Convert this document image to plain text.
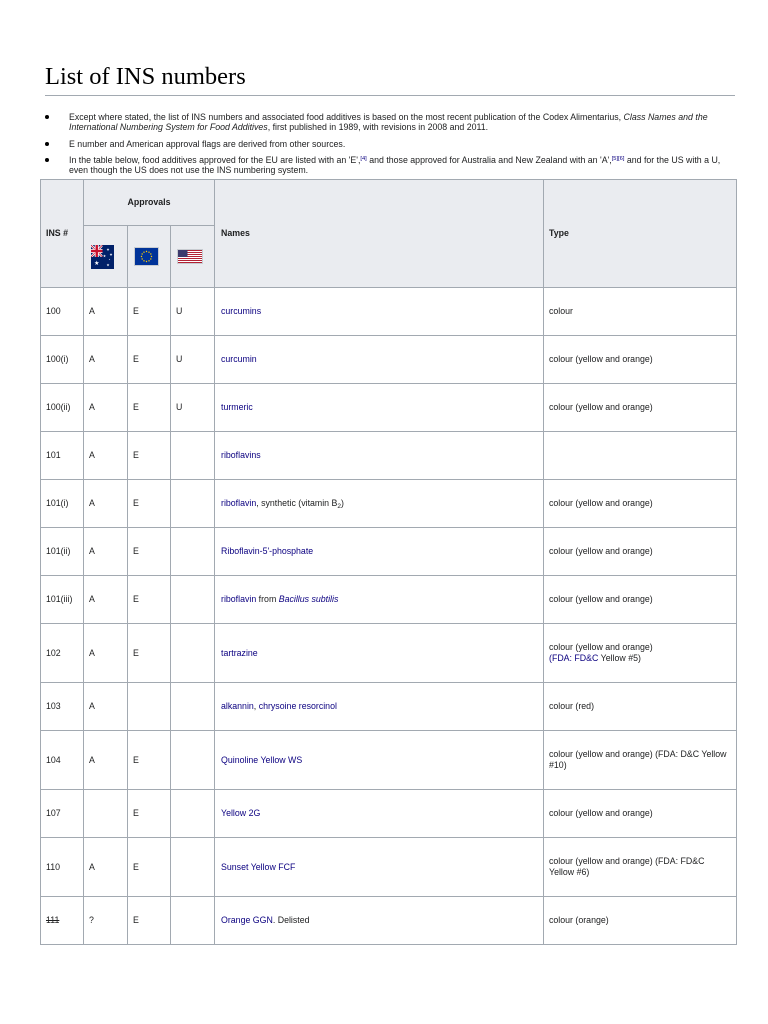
List of INS numbers
Except where stated, the list of INS numbers and associated food additives is based on the most recent publication of the Codex Alimentarius, Class Names and the International Numbering System for Food Additives, first published in 1989, with revisions in 2008 and 2011.
E number and American approval flags are derived from other sources.
In the table below, food additives approved for the EU are listed with an 'E',[4] and those approved for Australia and New Zealand with an 'A',[5][6] and for the US with a U, even though the US does not use the INS numbering system.
INS #	Approvals			Names	Type

100	A	E	U	curcumins	colour
100(i)	A	E	U	curcumin	colour (yellow and orange)
100(ii)	A	E	U	turmeric	colour (yellow and orange)
101	A	E		riboflavins	
101(i)	A	E		riboflavin, synthetic (vitamin $B_2$)	colour (yellow and orange)
101(ii)	A	E		Riboflavin-5'-phosphate	colour (yellow and orange)
101(iii)	A	E		riboflavin from Bacillus subtilis	colour (yellow and orange)
102	A	E		tartrazine	colour (yellow and orange)
(FDA: FD&C Yellow #5)
103	A			alkannin, chrysoine resorcinol	colour (red)
104	A	E		Quinoline Yellow WS	colour (yellow and orange) (FDA: D&C Yellow #10)
107		E		Yellow 2G	colour (yellow and orange)
110	A	E		Sunset Yellow FCF	colour (yellow and orange) (FDA: FD&C Yellow #6)
111	?	E		Orange GGN. Delisted	colour (orange)
